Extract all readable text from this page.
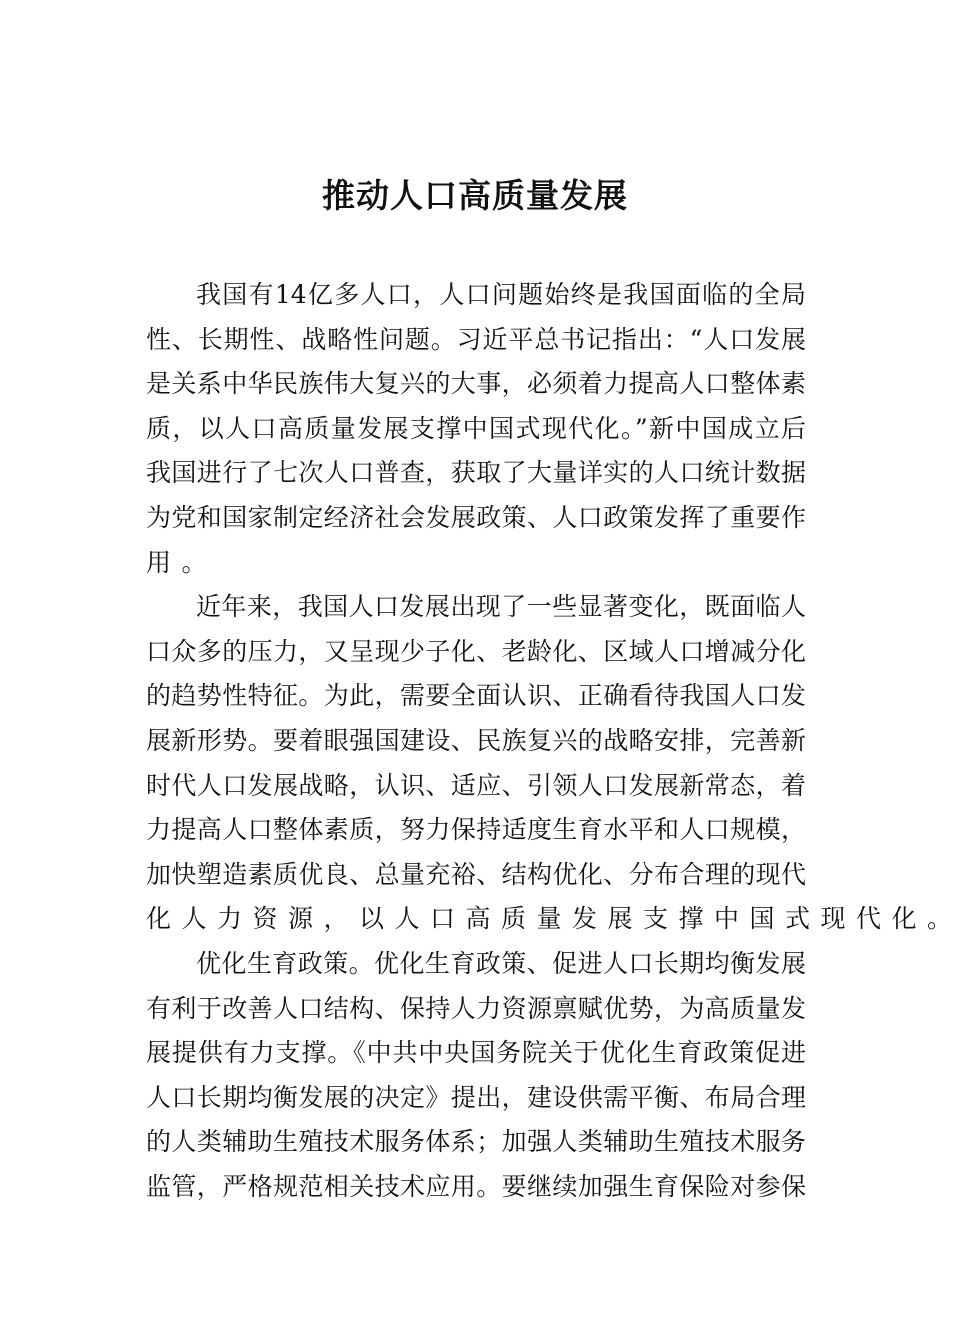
推动人口高质量发展
我国有14亿多人口，人口问题始终是我国面临的全局
性、长期性、战略性问题。习近平总书记指出：“人口发展
是关系中华民族伟大复兴的大事，必须着力提高人口整体素
质，以人口高质量发展支撑中国式现代化。”新中国成立后
我国进行了七次人口普查，获取了大量详实的人口统计数据
为党和国家制定经济社会发展政策、人口政策发挥了重要作
用。
近年来，我国人口发展出现了一些显著变化，既面临人
口众多的压力，又呈现少子化、老龄化、区域人口增减分化
的趋势性特征。为此，需要全面认识、正确看待我国人口发
展新形势。要着眼强国建设、民族复兴的战略安排，完善新
时代人口发展战略，认识、适应、引领人口发展新常态，着
力提高人口整体素质，努力保持适度生育水平和人口规模，
加快塑造素质优良、总量充裕、结构优化、分布合理的现代
化人力资源，以人口高质量发展支撑中国式现代化。
优化生育政策。优化生育政策、促进人口长期均衡发展
有利于改善人口结构、保持人力资源禀赋优势，为高质量发
展提供有力支撑。《中共中央国务院关于优化生育政策促进
人口长期均衡发展的决定》提出，建设供需平衡、布局合理
的人类辅助生殖技术服务体系；加强人类辅助生殖技术服务
监管，严格规范相关技术应用。要继续加强生育保险对参保
